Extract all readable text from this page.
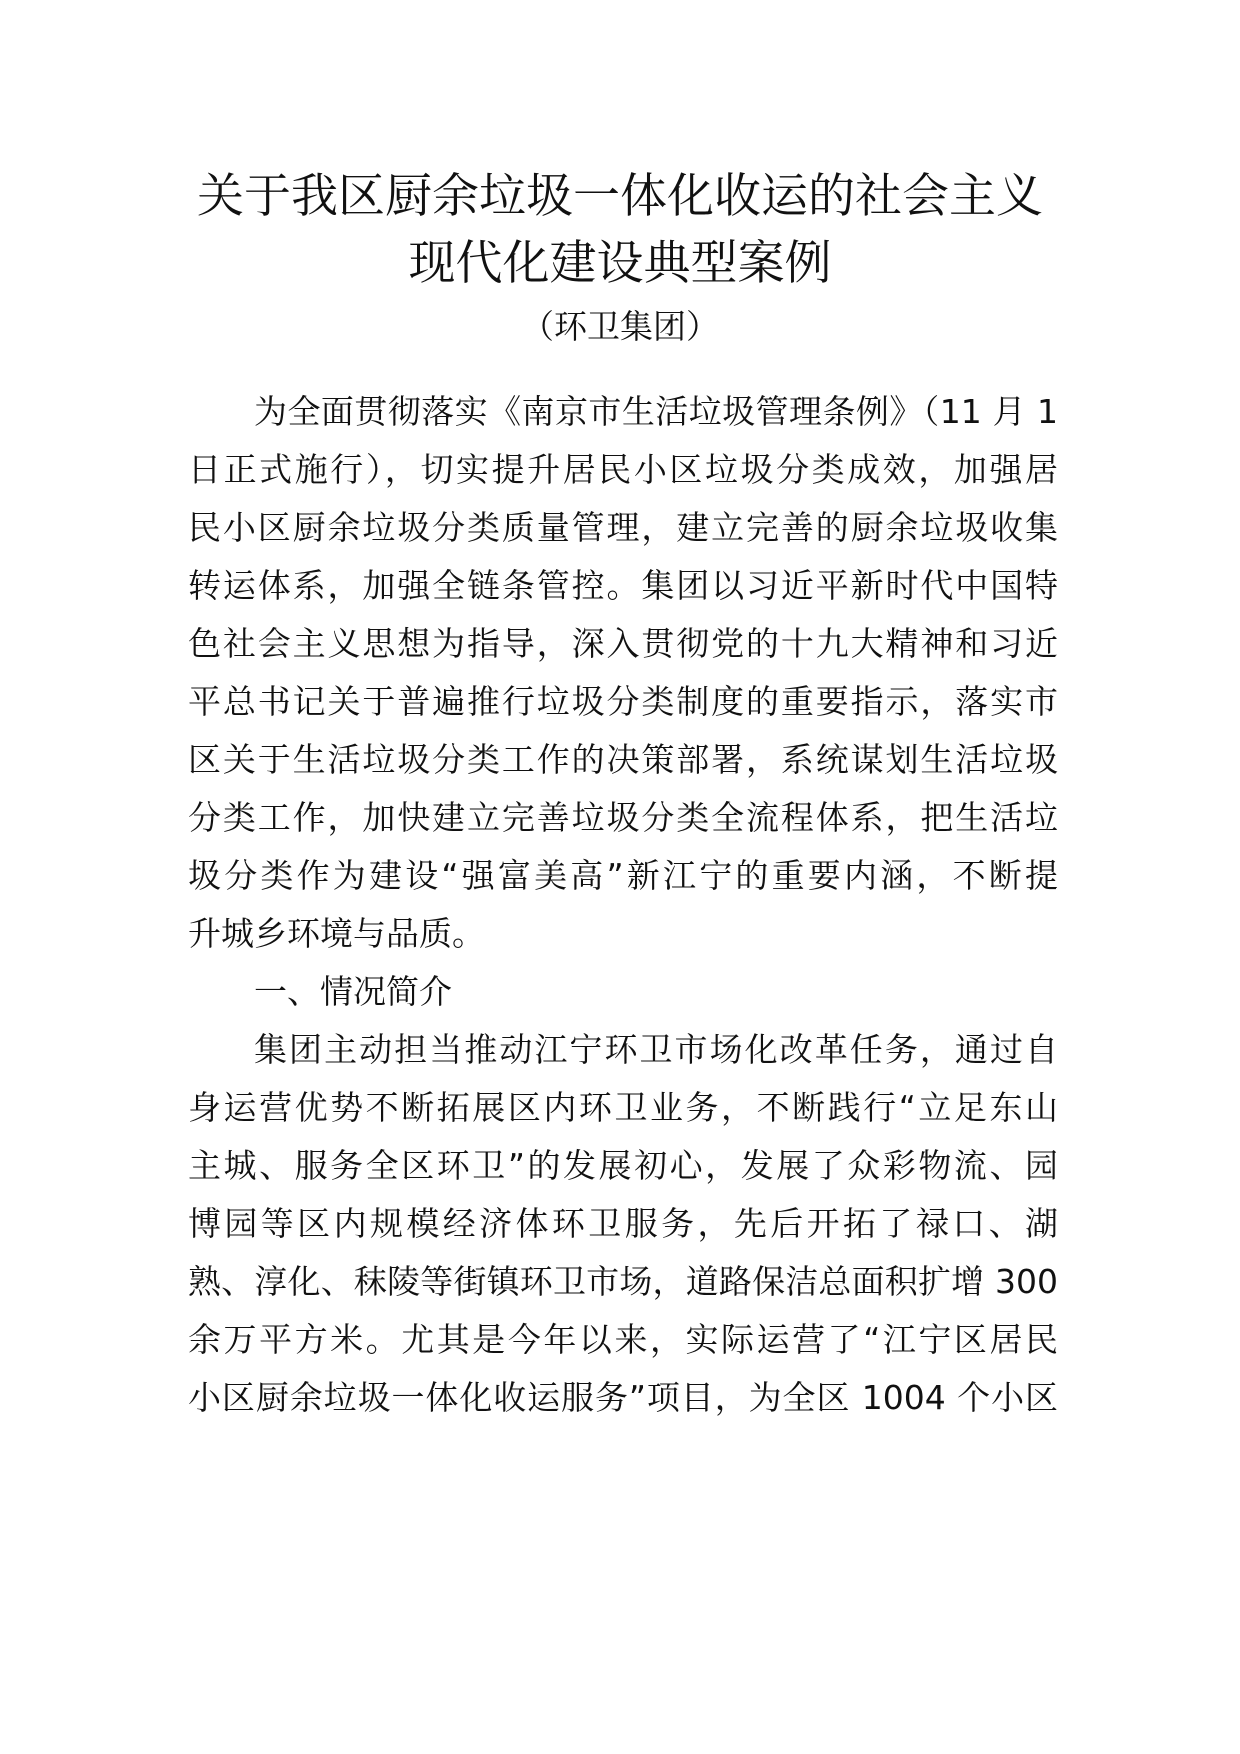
关于我区厨余垃圾一体化收运的社会主义
现代化建设典型案例

（环卫集团）

为全面贯彻落实《南京市生活垃圾管理条例》（11 月 1

日正式施行），切实提升居民小区垃圾分类成效，加强居

民小区厨余垃圾分类质量管理，建立完善的厨余垃圾收集

转运体系，加强全链条管控。集团以习近平新时代中国特

色社会主义思想为指导，深入贯彻党的十九大精神和习近

平总书记关于普遍推行垃圾分类制度的重要指示，落实市

区关于生活垃圾分类工作的决策部署，系统谋划生活垃圾

分类工作，加快建立完善垃圾分类全流程体系，把生活垃

圾分类作为建设“强富美高”新江宁的重要内涵，不断提

升城乡环境与品质。

一、情况简介

集团主动担当推动江宁环卫市场化改革任务，通过自

身运营优势不断拓展区内环卫业务，不断践行“立足东山

主城、服务全区环卫”的发展初心，发展了众彩物流、园

博园等区内规模经济体环卫服务，先后开拓了禄口、湖

熟、淳化、秣陵等街镇环卫市场，道路保洁总面积扩增 300

余万平方米。尤其是今年以来，实际运营了“江宁区居民

小区厨余垃圾一体化收运服务”项目，为全区 1004 个小区
